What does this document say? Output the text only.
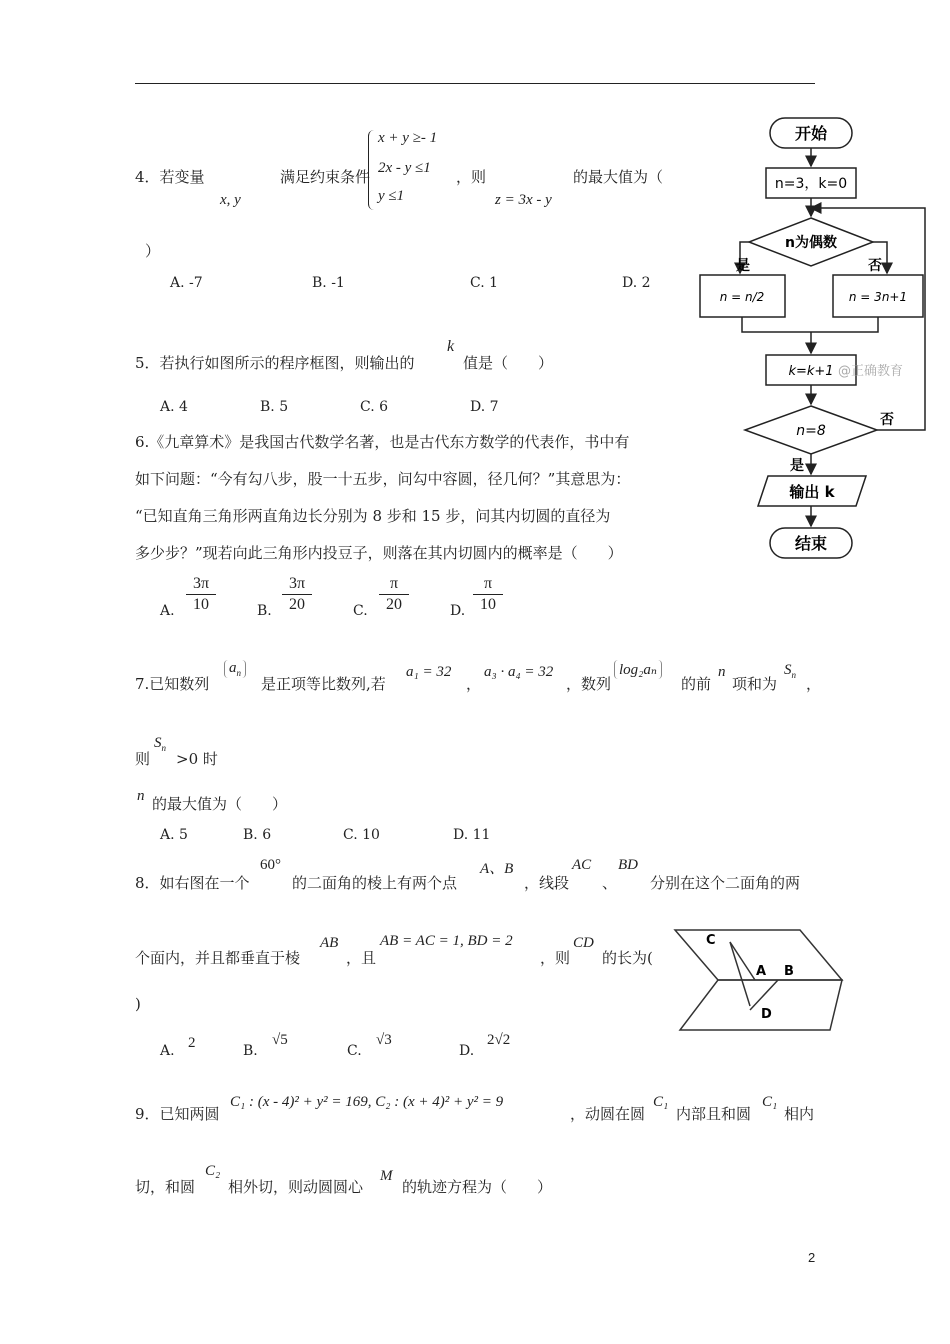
4．若变量
x, y
满足约束条件
x + y ≥- 1
2x - y ≤1
y ≤1
，则
z = 3x - y
的最大值为（
）
A. -7	B. -1	C. 1	D. 2
5．若执行如图所示的程序框图，则输出的
k
值是（　　）
A. 4	B. 5	C. 6	D. 7
6.《九章算术》是我国古代数学名著，也是古代东方数学的代表作，书中有
如下问题：“今有勾八步，股一十五步，问勾中容圆，径几何？”其意思为：
“已知直角三角形两直角边长分别为 8 步和 15 步，问其内切圆的直径为
多少步？”现若向此三角形内投豆子，则落在其内切圆内的概率是（　　）
A.
3π
10	B.
3π
20	C.
π
20	D.
π
10
7.已知数列
$a_n$
是正项等比数列,若
a₁ = 32
，
a₃ · a₄ = 32
，数列
log₂aₙ
的前
n
项和为
$S_n$ ，
则
$S_n$
>0 时
n 的最大值为（　　）
A. 5	B. 6	C. 10	D. 11
8．如右图在一个
60°
的二面角的棱上有两个点
A、B
，线段
AC
、
BD
分别在这个二面角的两
个面内，并且都垂直于棱
AB
，且
AB = AC = 1, BD = 2
，则
CD
的长为(
)
A. 2	B.
√5
C.
√3
D.
2√2
C
A B
D
9．已知两圆
C₁ : (x - 4)² + y² = 169, C₂ : (x + 4)² + y² = 9
，动圆在圆
C₁
内部且和圆
C₁
相内
切，和圆
C₂
相外切，则动圆圆心
M
的轨迹方程为（　　）
开始
n=3，k=0
n为偶数
是	否
n = n/2	n = 3n+1
k=k+1 @正确教育
n=8
否
是
输出 k
结束
2
